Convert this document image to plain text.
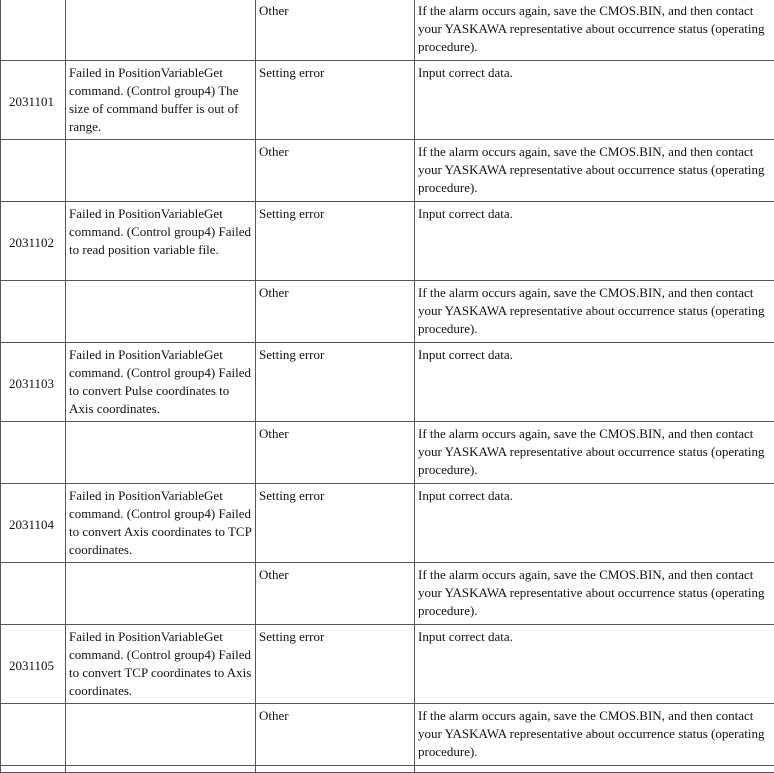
		Other	If the alarm occurs again, save the CMOS.BIN, and then contact your YASKAWA representative about occurrence status (operating procedure).
2031101	Failed in PositionVariableGet command. (Control group4) The size of command buffer is out of range.	Setting error	Input correct data.
		Other	If the alarm occurs again, save the CMOS.BIN, and then contact your YASKAWA representative about occurrence status (operating procedure).
2031102	Failed in PositionVariableGet command. (Control group4) Failed to read position variable file.	Setting error	Input correct data.
		Other	If the alarm occurs again, save the CMOS.BIN, and then contact your YASKAWA representative about occurrence status (operating procedure).
2031103	Failed in PositionVariableGet command. (Control group4) Failed to convert Pulse coordinates to Axis coordinates.	Setting error	Input correct data.
		Other	If the alarm occurs again, save the CMOS.BIN, and then contact your YASKAWA representative about occurrence status (operating procedure).
2031104	Failed in PositionVariableGet command. (Control group4) Failed to convert Axis coordinates to TCP coordinates.	Setting error	Input correct data.
		Other	If the alarm occurs again, save the CMOS.BIN, and then contact your YASKAWA representative about occurrence status (operating procedure).
2031105	Failed in PositionVariableGet command. (Control group4) Failed to convert TCP coordinates to Axis coordinates.	Setting error	Input correct data.
		Other	If the alarm occurs again, save the CMOS.BIN, and then contact your YASKAWA representative about occurrence status (operating procedure).
